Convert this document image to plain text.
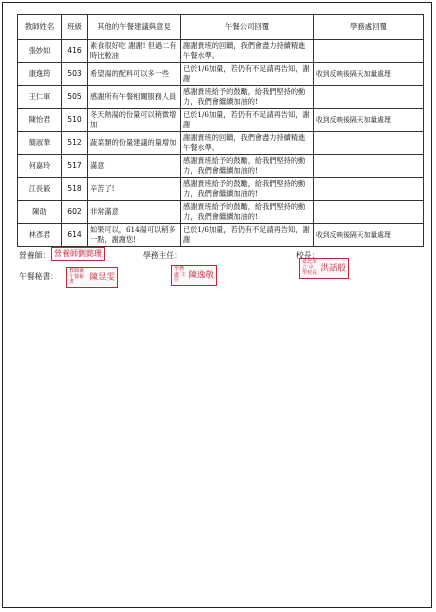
教師姓名	班級	其他的午餐建議與意見	午餐公司回覆	學務處回覆
張妙如	416	素食很好吃 謝謝! 但過二有時比較油	謝謝貴班的回饋，我們會盡力持續精進午餐水準。	
康逸筠	503	希望湯的配料可以多一些	已於1/6加量，若仍有不足請再告知，謝謝	收到反映後隔天加量處理
王仁軍	505	感謝所有午餐相關服務人員	感謝貴班給予的鼓勵，給我們堅持的動力，我們會繼續加油的!	
陳怡君	510	冬天熱湯的份量可以稍微增加	已於1/6加量，若仍有不足請再告知，謝謝	收到反映後隔天加量處理
簡淑華	512	蔬菜類的份量建議的量增加	謝謝貴班的回饋，我們會盡力持續精進午餐水準。	
何嘉玲	517	滿意	感謝貴班給予的鼓勵，給我們堅持的動力，我們會繼續加油的!	
江長毅	518	辛苦了!	感謝貴班給予的鼓勵，給我們堅持的動力，我們會繼續加油的!	
陳劭	602	非常滿意	感謝貴班給予的鼓勵，給我們堅持的動力，我們會繼續加油的!	
林彥君	614	如果可以，614湯可以稍多一點，謝謝您!	已於1/6加量，若仍有不足請再告知，謝謝	收到反映後隔天加量處理
營養師： 營養師劉懿珊	學務主任：
學務處 主任 陳逸敬
校長：
臺北市立 中學校長 洪話般
午餐秘書：
教師兼 午餐秘書 陳昱雯
